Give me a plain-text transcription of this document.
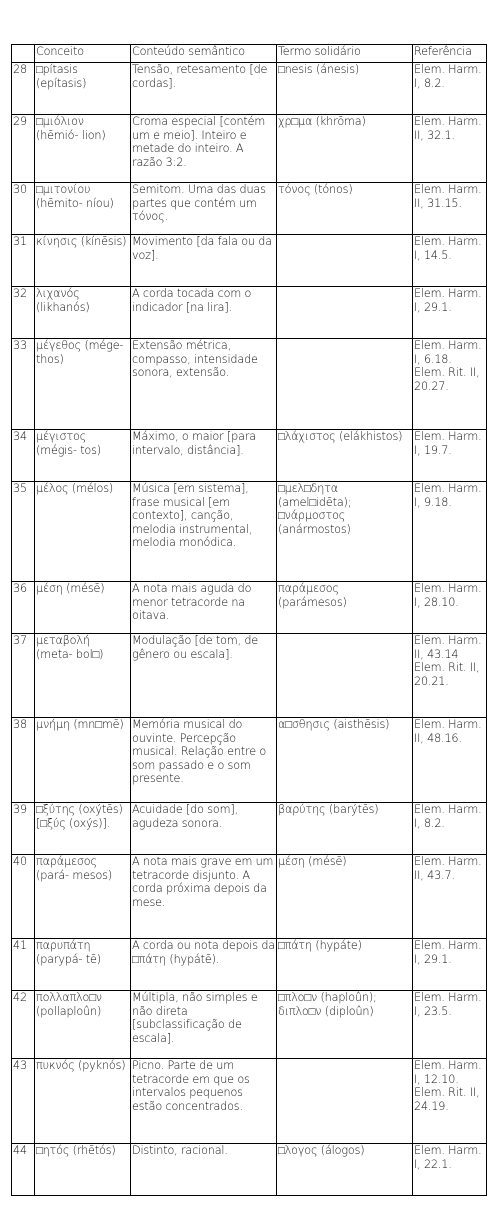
	Conceito	Conteúdo semântico	Termo solidário	Referência
28	□pítasis (epítasis)	Tensão, retesamento [de cordas].	□nesis (ánesis)	Elem. Harm. I, 8.2.
29	□μιόλιον (hēmió- lion)	Croma especial [contém um e meio]. Inteiro e metade do inteiro. A razão 3:2.	χρ□μα (khrōma)	Elem. Harm. II, 32.1.
30	□μιτονίου (hēmito- níou)	Semitom. Uma das duas partes que contém um τόνος.	τόνος (tónos)	Elem. Harm. II, 31.15.
31	κίνησις (kínēsis)	Movimento [da fala ou da voz].		Elem. Harm. I, 14.5.
32	λιχανός (likhanós)	A corda tocada com o indicador [na lira].		Elem. Harm. I, 29.1.
33	μέγεθος (mége- thos)	Extensão métrica, compasso, intensidade sonora, extensão.		Elem. Harm. I, 6.18. Elem. Rit. II, 20.27.
34	μέγιστος (mégis- tos)	Máximo, o maior [para intervalo, distância].	□λάχιστος (elákhistos)	Elem. Harm. I, 19.7.
35	μέλος (mélos)	Música [em sistema], frase musical [em contexto], canção, melodia instrumental, melodia monódica.	□μελ□δητα (amel□idēta); □νάρμοστος (anármostos)	Elem. Harm. I, 9.18.
36	μέση (mésē)	A nota mais aguda do menor tetracorde na oitava.	παράμεσος (parámesos)	Elem. Harm. I, 28.10.
37	μεταβολή (meta- bol□)	Modulação [de tom, de gênero ou escala].		Elem. Harm. II, 43.14 Elem. Rit. II, 20.21.
38	μνήμη (mn□mē)	Memória musical do ouvinte. Percepção musical. Relação entre o som passado e o som presente.	α□σθησις (aisthēsis)	Elem. Harm. II, 48.16.
39	□ξύτης (oxýtēs) [□ξύς (oxýs)].	Acuidade [do som], agudeza sonora.	βαρύτης (barýtēs)	Elem. Harm. I, 8.2.
40	παράμεσος (pará- mesos)	A nota mais grave em um tetracorde disjunto. A corda próxima depois da mese.	μέση (mésē)	Elem. Harm. II, 43.7.
41	παρυπάτη (parypá- tē)	A corda ou nota depois da □πάτη (hypátē).	□πάτη (hypáte)	Elem. Harm. I, 29.1.
42	πολλαπλο□ν (pollaploûn)	Múltipla, não simples e não direta [subclassificação de escala].	□πλο□ν (haploûn); διπλο□ν (diploûn)	Elem. Harm. I, 23.5.
43	πυκνός (pyknós)	Picno. Parte de um tetracorde em que os intervalos pequenos estão concentrados.		Elem. Harm. I, 12.10. Elem. Rit. II, 24.19.
44	□ητός (rhētós)	Distinto, racional.	□λογος (álogos)	Elem. Harm. I, 22.1.
